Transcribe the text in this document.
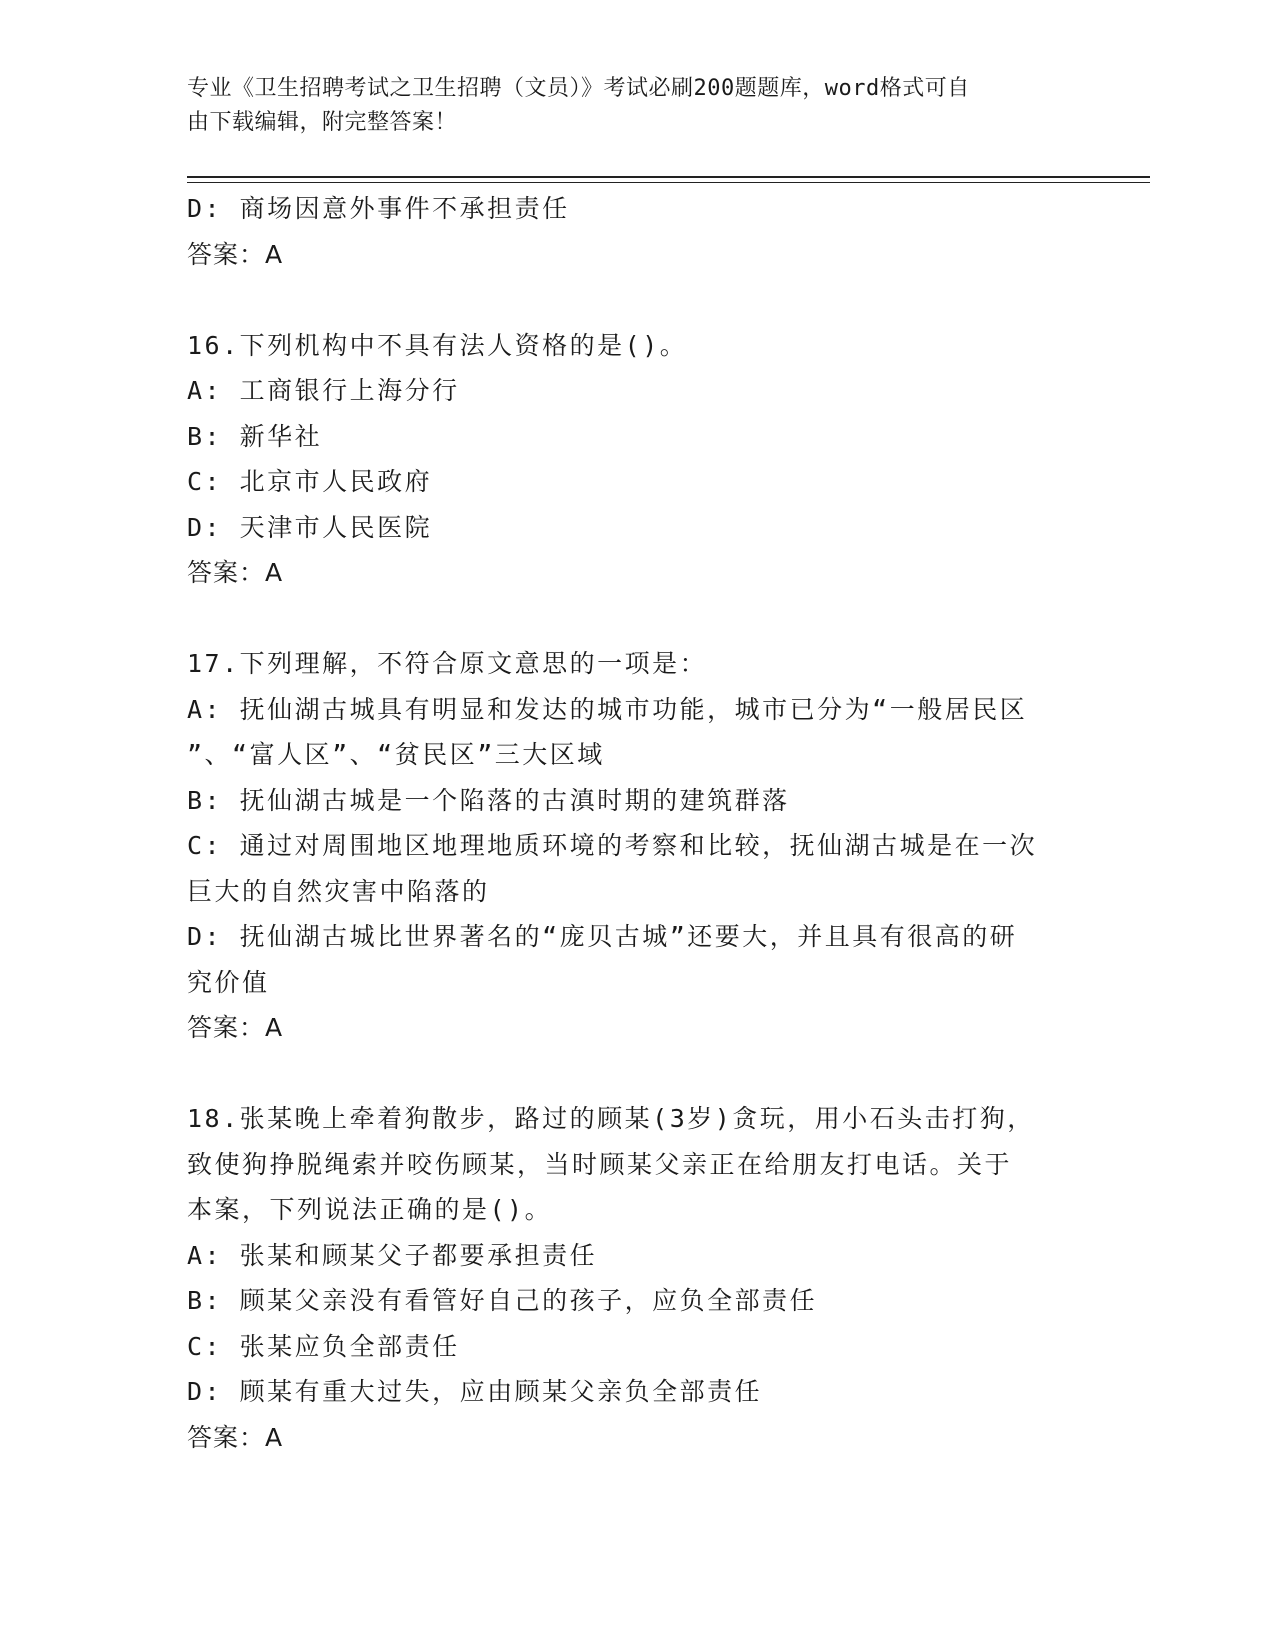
专业《卫生招聘考试之卫生招聘（文员）》考试必刷200题题库，word格式可自
由下载编辑，附完整答案！
D: 商场因意外事件不承担责任
答案：A
16.下列机构中不具有法人资格的是()。
A: 工商银行上海分行
B: 新华社
C: 北京市人民政府
D: 天津市人民医院
答案：A
17.下列理解，不符合原文意思的一项是：
A: 抚仙湖古城具有明显和发达的城市功能，城市已分为“一般居民区
”、“富人区”、“贫民区”三大区域
B: 抚仙湖古城是一个陷落的古滇时期的建筑群落
C: 通过对周围地区地理地质环境的考察和比较，抚仙湖古城是在一次
巨大的自然灾害中陷落的
D: 抚仙湖古城比世界著名的“庞贝古城”还要大，并且具有很高的研
究价值
答案：A
18.张某晚上牵着狗散步，路过的顾某(3岁)贪玩，用小石头击打狗，
致使狗挣脱绳索并咬伤顾某，当时顾某父亲正在给朋友打电话。关于
本案，下列说法正确的是()。
A: 张某和顾某父子都要承担责任
B: 顾某父亲没有看管好自己的孩子，应负全部责任
C: 张某应负全部责任
D: 顾某有重大过失，应由顾某父亲负全部责任
答案：A
